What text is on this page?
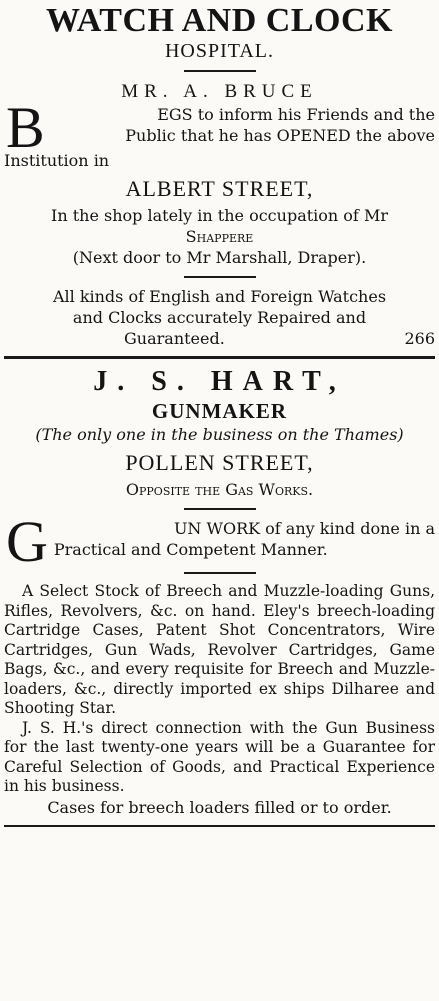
WATCH AND CLOCK
HOSPITAL.
MR. A. BRUCE
B	EGS to inform his Friends and the
Public that he has OPENED the above
Institution in
ALBERT STREET,
In the shop lately in the occupation of Mr
Shappere
(Next door to Mr Marshall, Draper).
All kinds of English and Foreign Watches
and Clocks accurately Repaired and
Guaranteed.	266
J. S. HART,
GUNMAKER
(The only one in the business on the Thames)
POLLEN STREET,
Opposite the Gas Works.
G	UN WORK of any kind done in a
Practical and Competent Manner.

A Select Stock of Breech and Muzzle-loading Guns, Rifles, Revolvers, &c. on hand. Eley's breech-loading Cartridge Cases, Patent Shot Concentrators, Wire Cartridges, Gun Wads, Revolver Cartridges, Game Bags, &c., and every requisite for Breech and Muzzle-loaders, &c., directly imported ex ships Dilharee and Shooting Star.

J. S. H.'s direct connection with the Gun Business for the last twenty-one years will be a Guarantee for Careful Selection of Goods, and Practical Experience in his business.

Cases for breech loaders filled or to order.
